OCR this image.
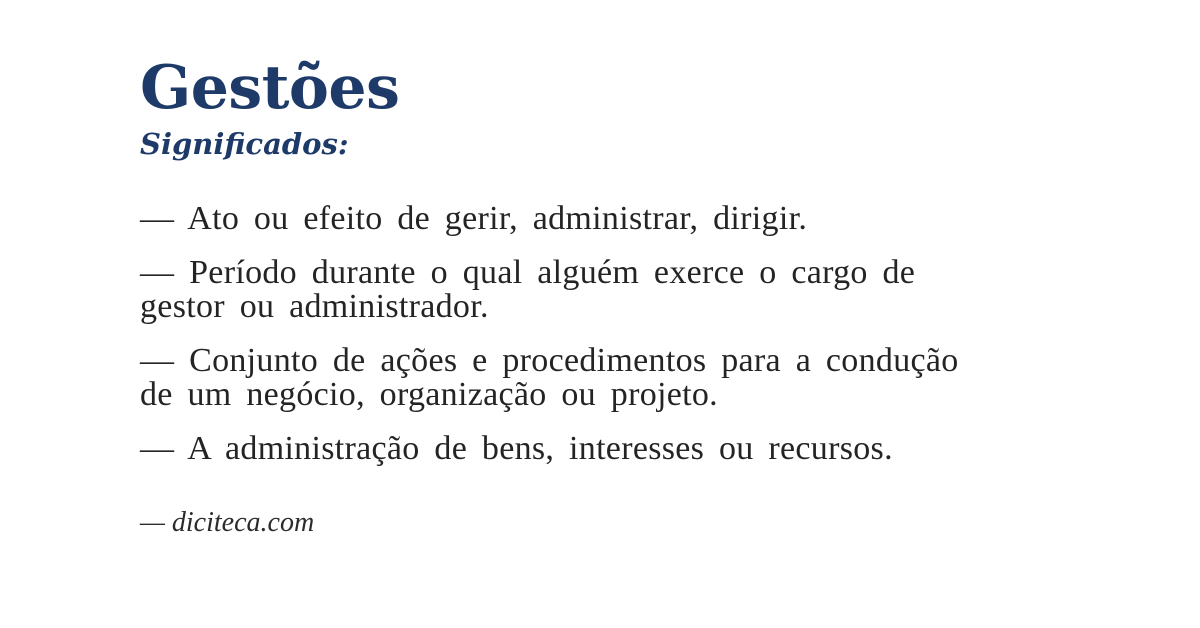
Gestões
Significados:

— Ato ou efeito de gerir, administrar, dirigir.

— Período durante o qual alguém exerce o cargo de gestor ou administrador.

— Conjunto de ações e procedimentos para a condução de um negócio, organização ou projeto.

— A administração de bens, interesses ou recursos.

— diciteca.com
